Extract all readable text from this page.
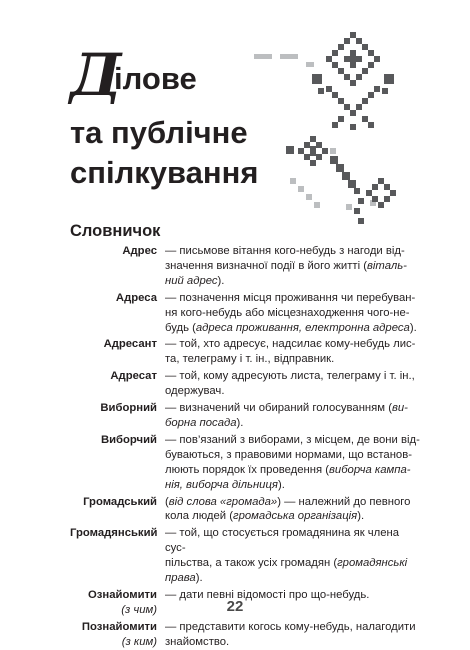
Д
ілове
та публічне
спілкування
Словничок
Адрес — письмове вітання кого-небудь з нагоди від-
значення визначної події в його житті (віталь-
ний адрес).
Адреса — позначення місця проживання чи перебуван-
ня кого-небудь або місцезнаходження чого-не-
будь (адреса проживання, електронна адреса).
Адресант — той, хто адресує, надсилає кому-небудь лис-
та, телеграму і т. ін., відправник.
Адресат — той, кому адресують листа, телеграму і т. ін.,
одержувач.
Виборний — визначений чи обираний голосуванням (ви-
борна посада).
Виборчий — пов’язаний з виборами, з місцем, де вони від-
буваються, з правовими нормами, що встанов-
люють порядок їх проведення (виборча кампа-
нія, виборча дільниця).
Громадський (від слова «громада») — належний до певного
кола людей (громадська організація).
Громадянський — той, що стосується громадянина як члена сус-
пільства, а також усіх громадян (громадянські
права).
Ознайомити
(з чим)
— дати певні відомості про що-небудь.
Познайомити
(з ким)
— представити когось кому-небудь, налагодити
знайомство.
22
